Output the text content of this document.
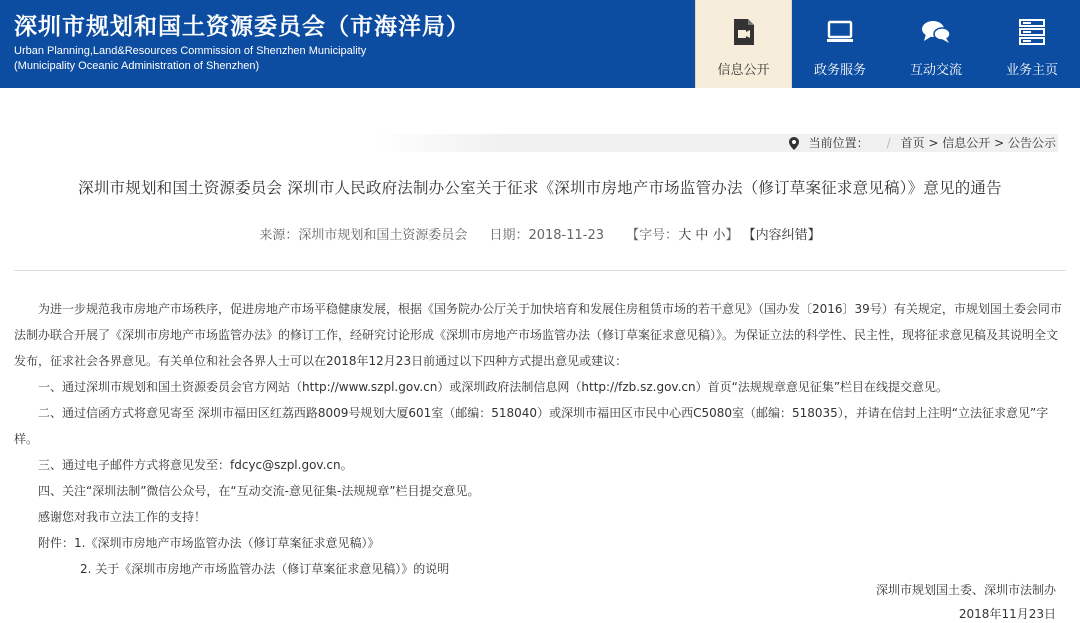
深圳市规划和国土资源委员会（市海洋局）
Urban Planning,Land&Resources Commission of Shenzhen Municipality
(Municipality Oceanic Administration of Shenzhen)	信息公开	政务服务	互动交流	业务主页
当前位置： / 首页 > 信息公开 > 公告公示
深圳市规划和国土资源委员会 深圳市人民政府法制办公室关于征求《深圳市房地产市场监管办法（修订草案征求意见稿）》意见的通告
来源：深圳市规划和国土资源委员会 日期：2018-11-23 【字号：大 中 小】 【内容纠错】

为进一步规范我市房地产市场秩序，促进房地产市场平稳健康发展，根据《国务院办公厅关于加快培育和发展住房租赁市场的若干意见》（国办发〔2016〕39号）有关规定，市规划国土委会同市法制办联合开展了《深圳市房地产市场监管办法》的修订工作，经研究讨论形成《深圳市房地产市场监管办法（修订草案征求意见稿）》。为保证立法的科学性、民主性，现将征求意见稿及其说明全文发布，征求社会各界意见。有关单位和社会各界人士可以在2018年12月23日前通过以下四种方式提出意见或建议：

一、通过深圳市规划和国土资源委员会官方网站（http://www.szpl.gov.cn）或深圳政府法制信息网（http://fzb.sz.gov.cn）首页“法规规章意见征集”栏目在线提交意见。

二、通过信函方式将意见寄至 深圳市福田区红荔西路8009号规划大厦601室（邮编：518040）或深圳市福田区市民中心西C5080室（邮编：518035），并请在信封上注明“立法征求意见”字样。

三、通过电子邮件方式将意见发至：fdcyc@szpl.gov.cn。

四、关注“深圳法制”微信公众号，在“互动交流-意见征集-法规规章”栏目提交意见。

感谢您对我市立法工作的支持！

附件：1.《深圳市房地产市场监管办法（修订草案征求意见稿）》

2. 关于《深圳市房地产市场监管办法（修订草案征求意见稿）》的说明

深圳市规划国土委、深圳市法制办
2018年11月23日
